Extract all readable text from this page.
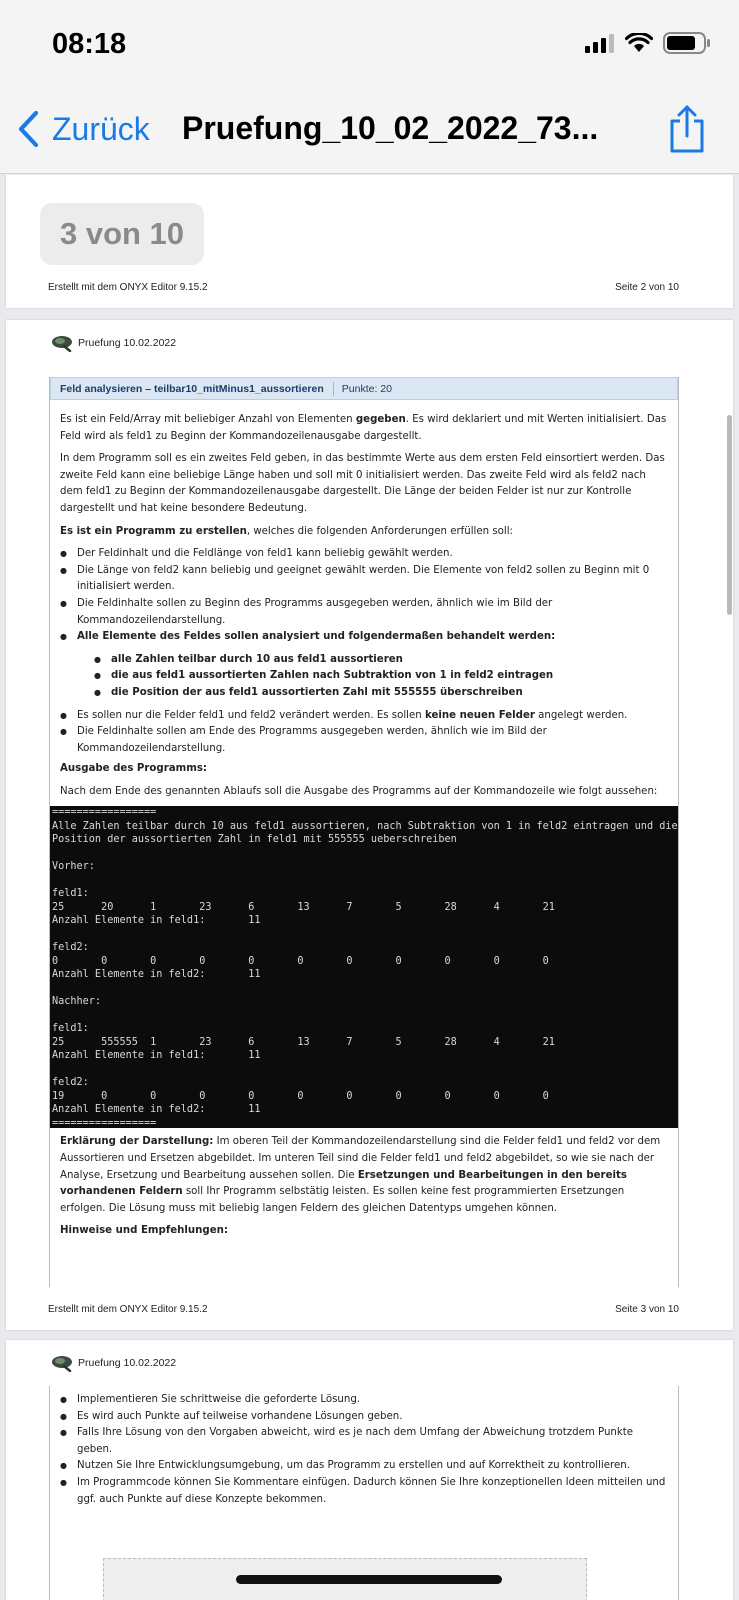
08:18
Zurück Pruefung_10_02_2022_73...
3 von 10
Erstellt mit dem ONYX Editor 9.15.2	Seite 2 von 10
Pruefung 10.02.2022
Feld analysieren – teilbar10_mitMinus1_aussortieren	Punkte: 20

Es ist ein Feld/Array mit beliebiger Anzahl von Elementen gegeben. Es wird deklariert und mit Werten initialisiert. Das Feld wird als feld1 zu Beginn der Kommandozeilenausgabe dargestellt.

In dem Programm soll es ein zweites Feld geben, in das bestimmte Werte aus dem ersten Feld einsortiert werden. Das zweite Feld kann eine beliebige Länge haben und soll mit 0 initialisiert werden. Das zweite Feld wird als feld2 nach dem feld1 zu Beginn der Kommandozeilenausgabe dargestellt. Die Länge der beiden Felder ist nur zur Kontrolle dargestellt und hat keine besondere Bedeutung.

Es ist ein Programm zu erstellen, welches die folgenden Anforderungen erfüllen soll:

● Der Feldinhalt und die Feldlänge von feld1 kann beliebig gewählt werden.
● Die Länge von feld2 kann beliebig und geeignet gewählt werden. Die Elemente von feld2 sollen zu Beginn mit 0 initialisiert werden.
● Die Feldinhalte sollen zu Beginn des Programms ausgegeben werden, ähnlich wie im Bild der Kommandozeilendarstellung.
● Alle Elemente des Feldes sollen analysiert und folgendermaßen behandelt werden:
● alle Zahlen teilbar durch 10 aus feld1 aussortieren
● die aus feld1 aussortierten Zahlen nach Subtraktion von 1 in feld2 eintragen
● die Position der aus feld1 aussortierten Zahl mit 555555 überschreiben
● Es sollen nur die Felder feld1 und feld2 verändert werden. Es sollen keine neuen Felder angelegt werden.
● Die Feldinhalte sollen am Ende des Programms ausgegeben werden, ähnlich wie im Bild der Kommandozeilendarstellung.

Ausgabe des Programms:

Nach dem Ende des genannten Ablaufs soll die Ausgabe des Programms auf der Kommandozeile wie folgt aussehen:

=================
Alle Zahlen teilbar durch 10 aus feld1 aussortieren, nach Subtraktion von 1 in feld2 eintragen und die
Position der aussortierten Zahl in feld1 mit 555555 ueberschreiben

Vorher:

feld1:
25      20      1       23      6       13      7       5       28      4       21
Anzahl Elemente in feld1:       11

feld2:
0       0       0       0       0       0       0       0       0       0       0
Anzahl Elemente in feld2:       11

Nachher:

feld1:
25      555555  1       23      6       13      7       5       28      4       21
Anzahl Elemente in feld1:       11

feld2:
19      0       0       0       0       0       0       0       0       0       0
Anzahl Elemente in feld2:       11
=================

Erklärung der Darstellung: Im oberen Teil der Kommandozeilendarstellung sind die Felder feld1 und feld2 vor dem Aussortieren und Ersetzen abgebildet. Im unteren Teil sind die Felder feld1 und feld2 abgebildet, so wie sie nach der Analyse, Ersetzung und Bearbeitung aussehen sollen. Die Ersetzungen und Bearbeitungen in den bereits vorhandenen Feldern soll Ihr Programm selbstätig leisten. Es sollen keine fest programmierten Ersetzungen erfolgen. Die Lösung muss mit beliebig langen Feldern des gleichen Datentyps umgehen können.

Hinweise und Empfehlungen:

Erstellt mit dem ONYX Editor 9.15.2	Seite 3 von 10
Pruefung 10.02.2022
● Implementieren Sie schrittweise die geforderte Lösung.
● Es wird auch Punkte auf teilweise vorhandene Lösungen geben.
● Falls Ihre Lösung von den Vorgaben abweicht, wird es je nach dem Umfang der Abweichung trotzdem Punkte geben.
● Nutzen Sie Ihre Entwicklungsumgebung, um das Programm zu erstellen und auf Korrektheit zu kontrollieren.
● Im Programmcode können Sie Kommentare einfügen. Dadurch können Sie Ihre konzeptionellen Ideen mitteilen und ggf. auch Punkte auf diese Konzepte bekommen.
